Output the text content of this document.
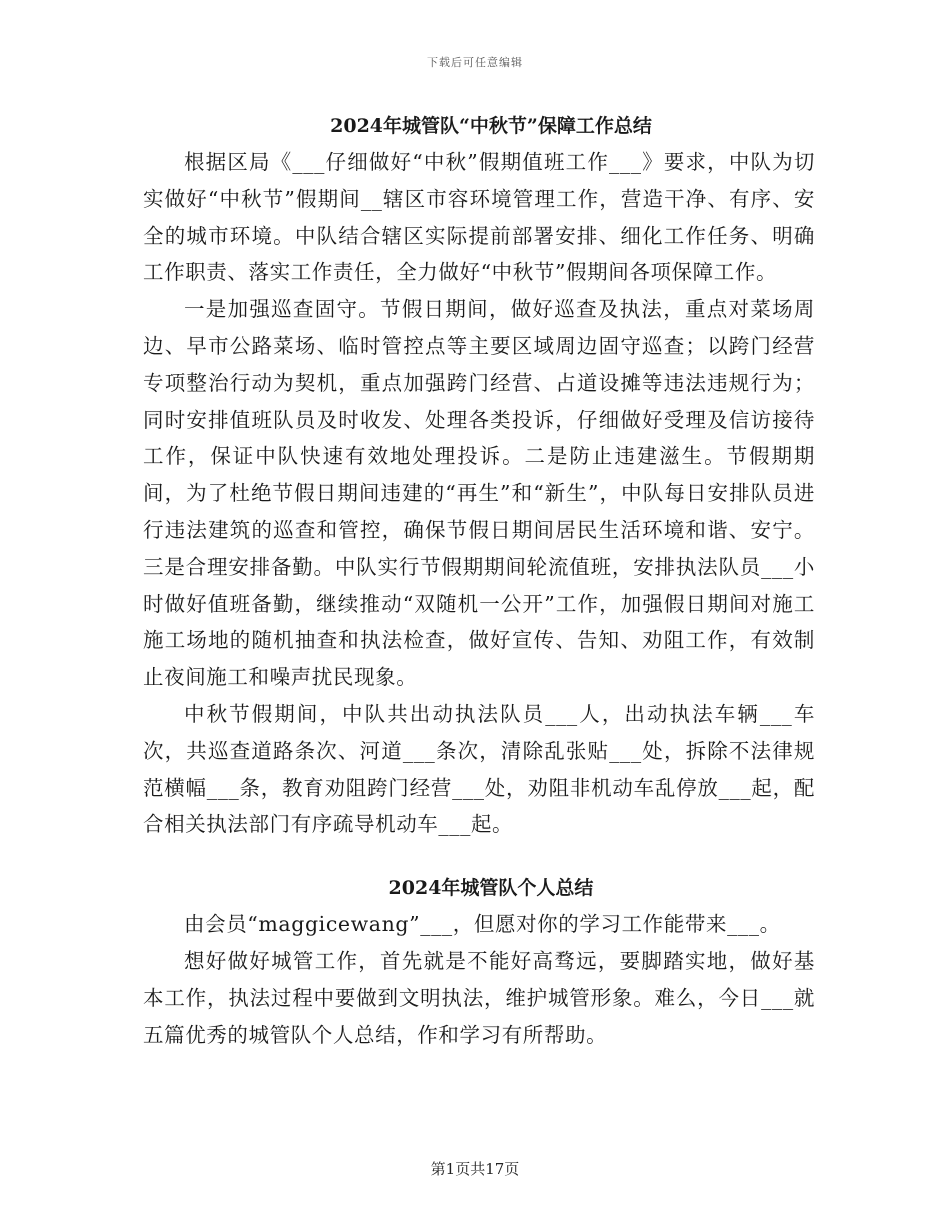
下载后可任意编辑
2024年城管队“中秋节”保障工作总结

根据区局《___仔细做好“中秋”假期值班工作___》要求，中队为切实做好“中秋节”假期间__辖区市容环境管理工作，营造干净、有序、安全的城市环境。中队结合辖区实际提前部署安排、细化工作任务、明确工作职责、落实工作责任，全力做好“中秋节”假期间各项保障工作。

一是加强巡查固守。节假日期间，做好巡查及执法，重点对菜场周边、早市公路菜场、临时管控点等主要区域周边固守巡查；以跨门经营专项整治行动为契机，重点加强跨门经营、占道设摊等违法违规行为；同时安排值班队员及时收发、处理各类投诉，仔细做好受理及信访接待工作，保证中队快速有效地处理投诉。二是防止违建滋生。节假期期间，为了杜绝节假日期间违建的“再生”和“新生”，中队每日安排队员进行违法建筑的巡查和管控，确保节假日期间居民生活环境和谐、安宁。三是合理安排备勤。中队实行节假期期间轮流值班，安排执法队员___小时做好值班备勤，继续推动“双随机一公开”工作，加强假日期间对施工施工场地的随机抽查和执法检查，做好宣传、告知、劝阻工作，有效制止夜间施工和噪声扰民现象。

中秋节假期间，中队共出动执法队员___人，出动执法车辆___车次，共巡查道路条次、河道___条次，清除乱张贴___处，拆除不法律规范横幅___条，教育劝阻跨门经营___处，劝阻非机动车乱停放___起，配合相关执法部门有序疏导机动车___起。

2024年城管队个人总结

由会员“maggicewang”___，但愿对你的学习工作能带来___。

想好做好城管工作，首先就是不能好高骛远，要脚踏实地，做好基本工作，执法过程中要做到文明执法，维护城管形象。难么，今日___就五篇优秀的城管队个人总结，作和学习有所帮助。

第1页共17页
